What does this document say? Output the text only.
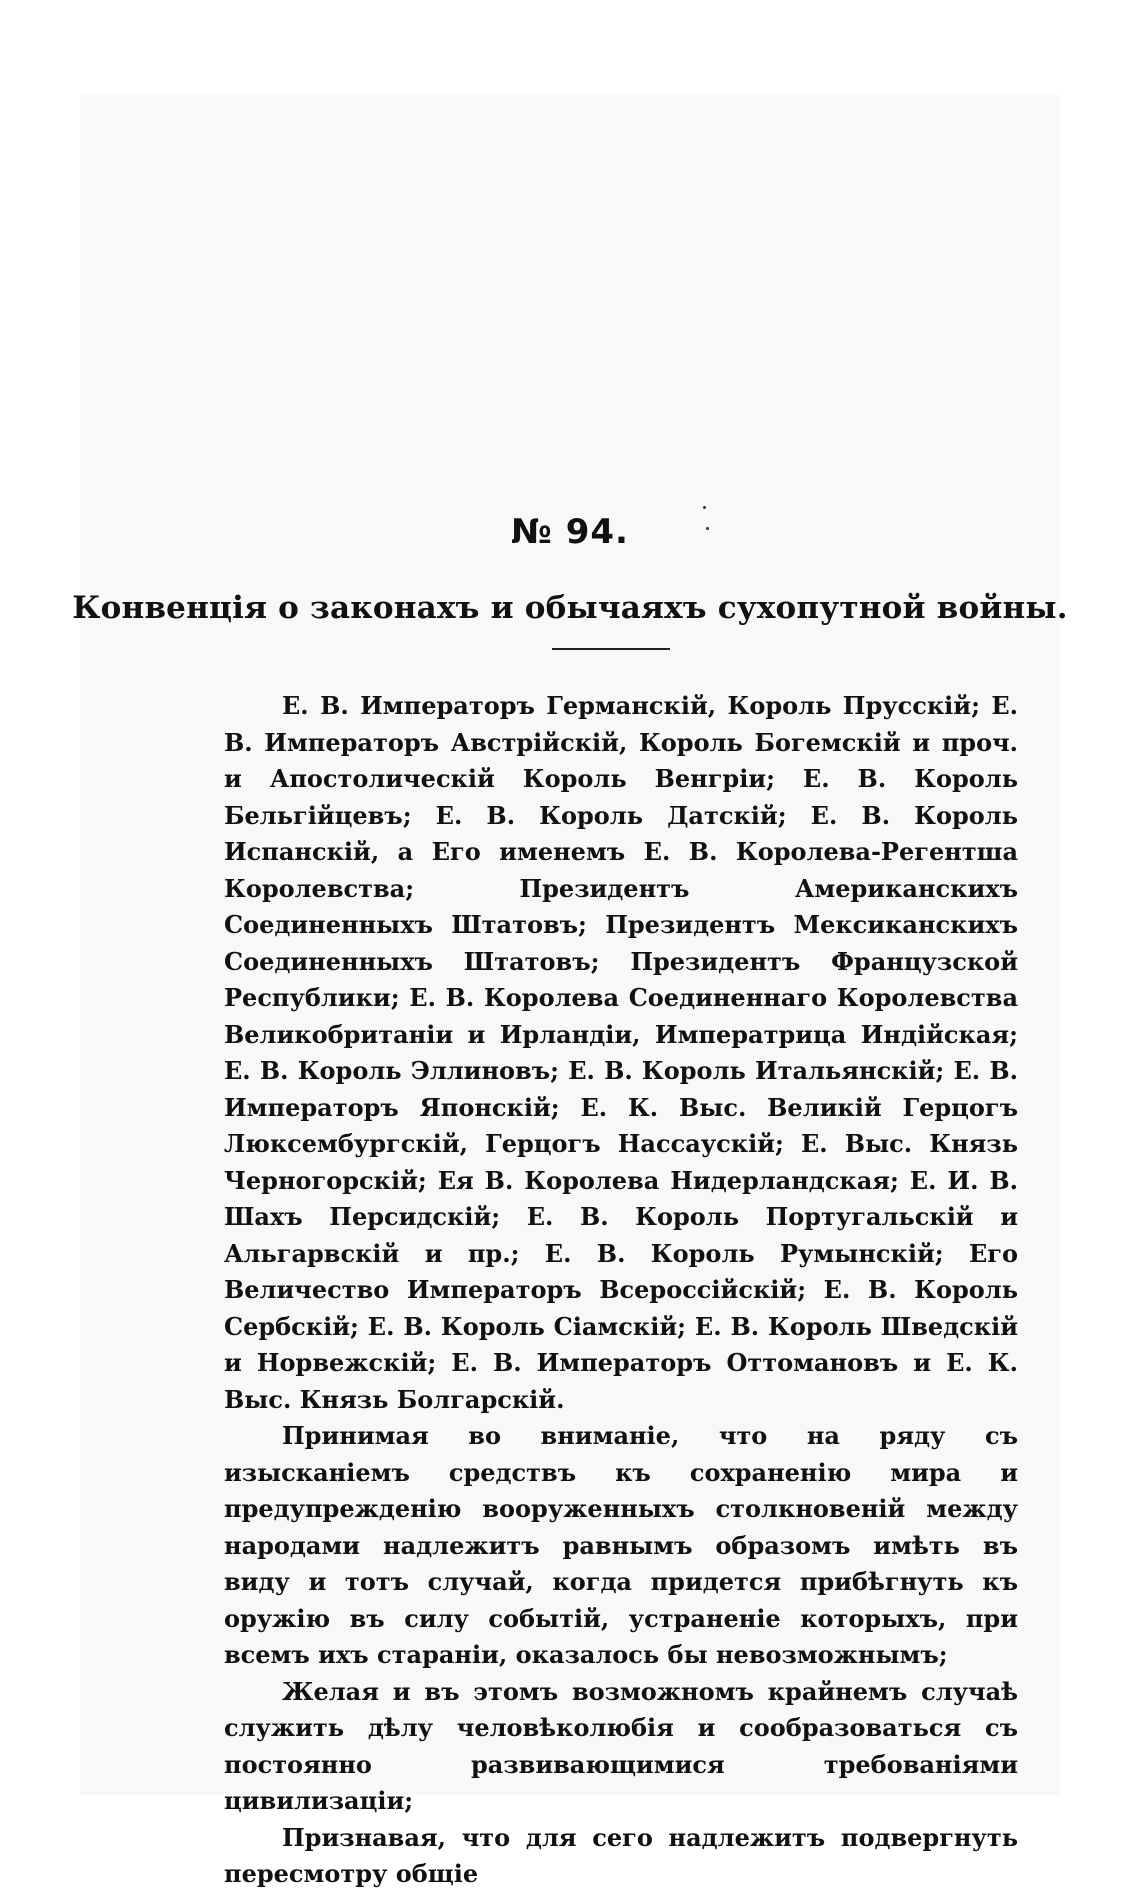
№ 94.
Конвенція о законахъ и обычаяхъ сухопутной войны.

Е. В. Императоръ Германскій, Король Прусскій; Е. В. Императоръ Австрійскій, Король Богемскій и проч. и Апостолическій Король Венгріи; Е. В. Король Бельгійцевъ; Е. В. Король Датскій; Е. В. Король Испанскій, а Его именемъ Е. В. Королева-Регентша Королевства; Президентъ Американскихъ Соединенныхъ Штатовъ; Президентъ Мексиканскихъ Соединенныхъ Штатовъ; Президентъ Французской Республики; Е. В. Королева Соединеннаго Королевства Великобританіи и Ирландіи, Императрица Индійская; Е. В. Король Эллиновъ; Е. В. Король Итальянскій; Е. В. Императоръ Японскій; Е. К. Выс. Великій Герцогъ Люксембургскій, Герцогъ Нассаускій; Е. Выс. Князь Черногорскій; Ея В. Королева Нидерландская; Е. И. В. Шахъ Персидскій; Е. В. Король Португальскій и Альгарвскій и пр.; Е. В. Король Румынскій; Его Величество Императоръ Всероссійскій; Е. В. Король Сербскій; Е. В. Король Сіамскій; Е. В. Король Шведскій и Норвежскій; Е. В. Императоръ Оттомановъ и Е. К. Выс. Князь Болгарскій.

Принимая во вниманіе, что на ряду съ изысканіемъ средствъ къ сохраненію мира и предупрежденію вооруженныхъ столкновеній между народами надлежитъ равнымъ образомъ имѣть въ виду и тотъ случай, когда придется прибѣгнуть къ оружію въ силу событій, устраненіе которыхъ, при всемъ ихъ стараніи, оказалось бы невозможнымъ;

Желая и въ этомъ возможномъ крайнемъ случаѣ служить дѣлу человѣколюбія и сообразоваться съ постоянно развивающимися требованіями цивилизаціи;

Признавая, что для сего надлежитъ подвергнуть пересмотру общіе
